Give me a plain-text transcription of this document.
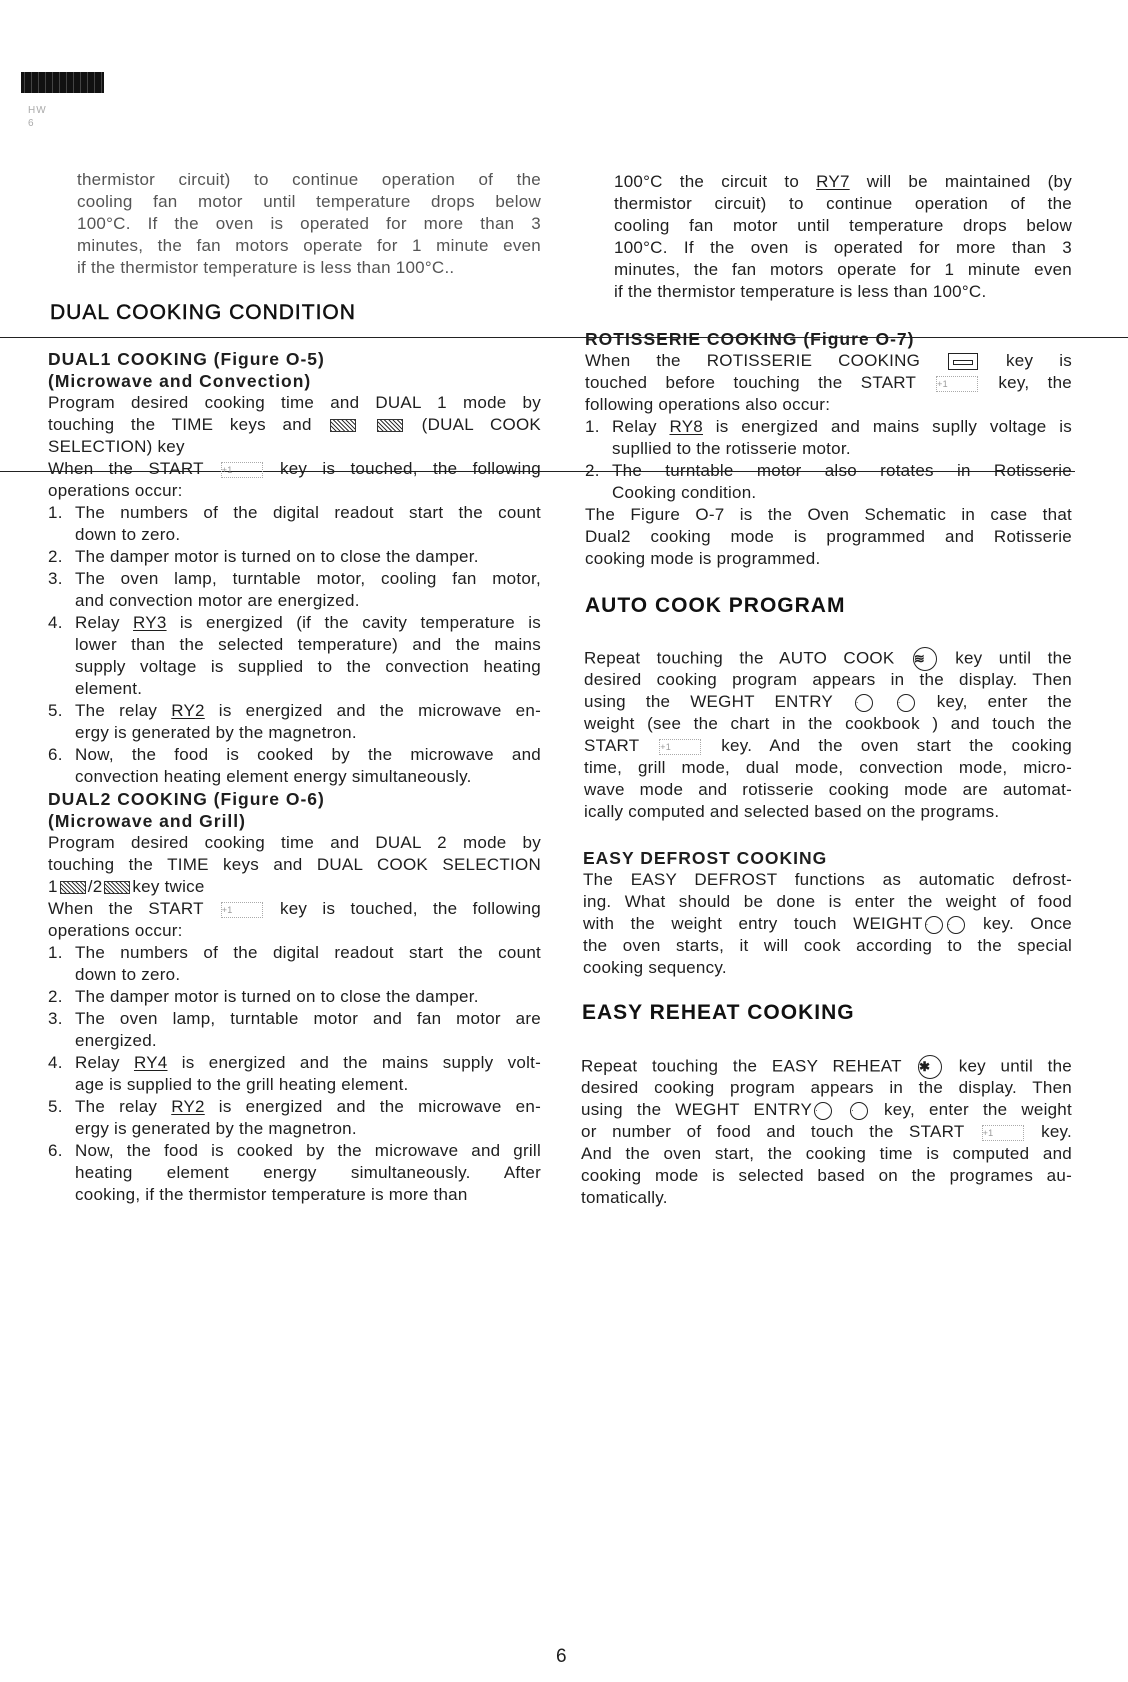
HW
6
thermistor circuit) to continue operation of the
cooling fan motor until temperature drops below
100°C. If the oven is operated for more than 3
minutes, the fan motors operate for 1 minute even
if the thermistor temperature is less than 100°C..
DUAL COOKING CONDITION
DUAL1 COOKING (Figure O-5)
(Microwave and Convection)
Program desired cooking time and DUAL 1 mode by
touching the TIME keys and	(DUAL COOK
SELECTION) key
When the START +1 key is touched, the following
operations occur:
1. The numbers of the digital readout start the count
down to zero.
2. The damper motor is turned on to close the damper.
3. The oven lamp, turntable motor, cooling fan motor,
and convection motor are energized.
4. Relay RY3 is energized (if the cavity temperature is
lower than the selected temperature) and the mains
supply voltage is supplied to the convection heating
element.
5. The relay RY2 is energized and the microwave en-
ergy is generated by the magnetron.
6. Now, the food is cooked by the microwave and
convection heating element energy simultaneously.
DUAL2 COOKING (Figure O-6)
(Microwave and Grill)
Program desired cooking time and DUAL 2 mode by
touching the TIME keys and DUAL COOK SELECTION
1 /2 key twice
When the START +1 key is touched, the following
operations occur:
1. The numbers of the digital readout start the count
down to zero.
2. The damper motor is turned on to close the damper.
3. The oven lamp, turntable motor and fan motor are
energized.
4. Relay RY4 is energized and the mains supply volt-
age is supplied to the grill heating element.
5. The relay RY2 is energized and the microwave en-
ergy is generated by the magnetron.
6. Now, the food is cooked by the microwave and grill
heating element energy simultaneously. After
cooking, if the thermistor temperature is more than
100°C the circuit to RY7 will be maintained (by
thermistor circuit) to continue operation of the
cooling fan motor until temperature drops below
100°C. If the oven is operated for more than 3
minutes, the fan motors operate for 1 minute even
if the thermistor temperature is less than 100°C.
ROTISSERIE COOKING (Figure O-7)
When the ROTISSERIE COOKING  key is
touched before touching the START +1 key, the
following operations also occur:
1. Relay RY8 is energized and mains suplly voltage is
supllied to the rotisserie motor.
2. The turntable motor also rotates in Rotisserie
Cooking condition.
The Figure O-7 is the Oven Schematic in case that
Dual2 cooking mode is programmed and Rotisserie
cooking mode is programmed.
AUTO COOK PROGRAM
Repeat touching the AUTO COOK ≋ key until the
desired cooking program appears in the display. Then
using the WEGHT ENTRY ·	· key, enter the
weight (see the chart in the cookbook ) and touch the
START +1 key. And the oven start the cooking
time, grill mode, dual mode, convection mode, micro-
wave mode and rotisserie cooking mode are automat-
ically computed and selected based on the programs.
EASY DEFROST COOKING
The EASY DEFROST functions as automatic defrost-
ing. What should be done is enter the weight of food
with the weight entry touch WEIGHT · · key. Once
the oven starts, it will cook according to the special
cooking sequency.
EASY REHEAT COOKING
Repeat touching the EASY REHEAT ✱ key until the
desired cooking program appears in the display. Then
using the WEGHT ENTRY ·	· key, enter the weight
or number of food and touch the START +1 key.
And the oven start, the cooking time is computed and
cooking mode is selected based on the programes au-
tomatically.
6
